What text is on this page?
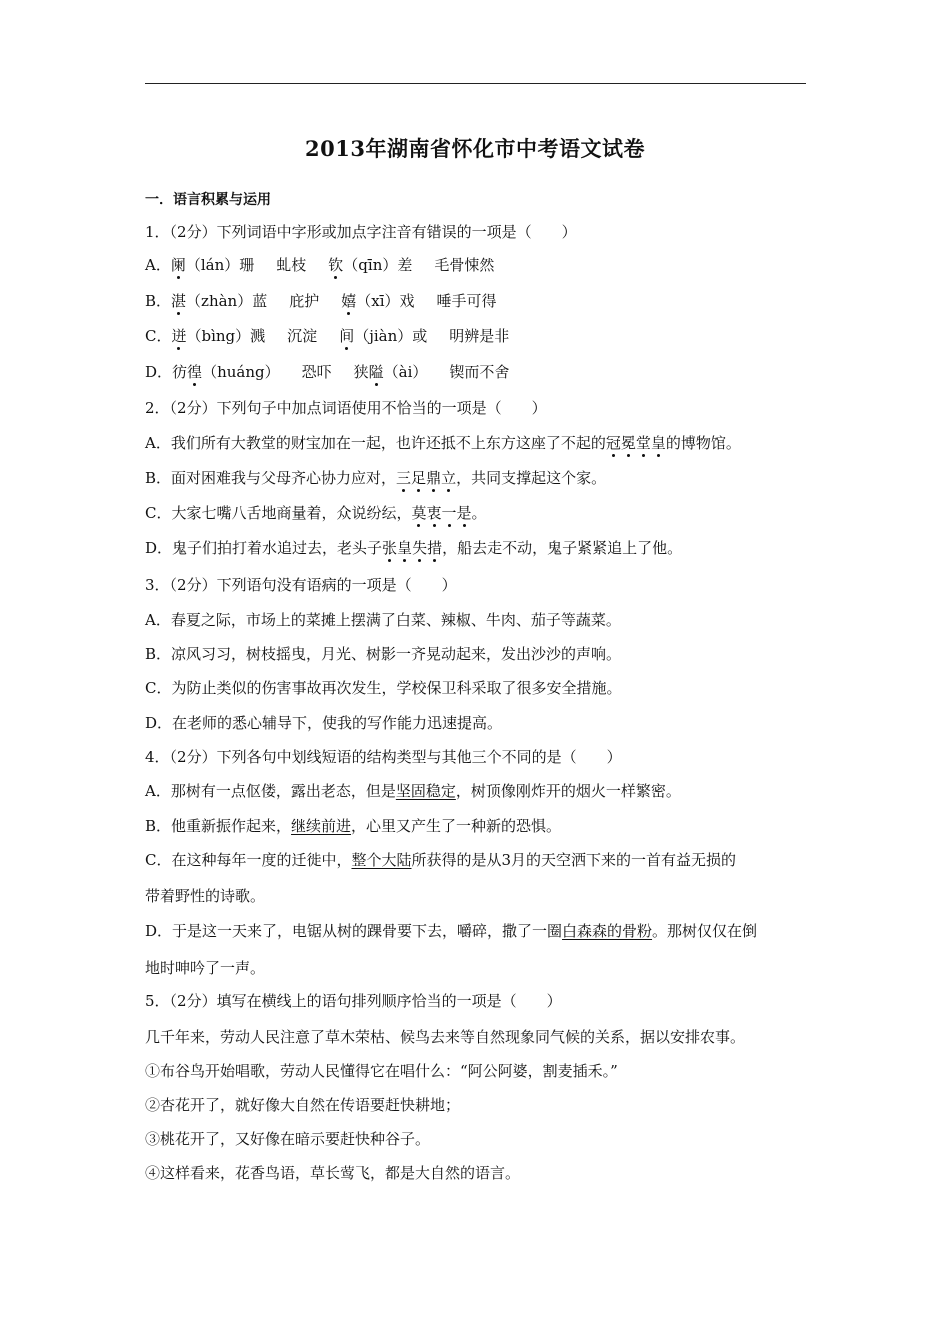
2013年湖南省怀化市中考语文试卷
一．语言积累与运用
1．（2分）下列词语中字形或加点字注音有错误的一项是（　　）
A．阑（lán）珊 虬枝 钦（qīn）差 毛骨悚然
B．湛（zhàn）蓝 庇护 嬉（xī）戏 唾手可得
C．迸（bìng）溅 沉淀 间（jiàn）或 明辨是非
D．彷徨（huáng） 恐吓 狭隘（ài） 锲而不舍
2．（2分）下列句子中加点词语使用不恰当的一项是（　　）
A．我们所有大教堂的财宝加在一起，也许还抵不上东方这座了不起的冠冕堂皇的博物馆。
B．面对困难我与父母齐心协力应对，三足鼎立，共同支撑起这个家。
C．大家七嘴八舌地商量着，众说纷纭，莫衷一是。
D．鬼子们拍打着水追过去，老头子张皇失措，船去走不动，鬼子紧紧追上了他。
3．（2分）下列语句没有语病的一项是（　　）
A．春夏之际，市场上的菜摊上摆满了白菜、辣椒、牛肉、茄子等蔬菜。
B．凉风习习，树枝摇曳，月光、树影一齐晃动起来，发出沙沙的声响。
C．为防止类似的伤害事故再次发生，学校保卫科采取了很多安全措施。
D．在老师的悉心辅导下，使我的写作能力迅速提高。
4．（2分）下列各句中划线短语的结构类型与其他三个不同的是（　　）
A．那树有一点伛偻，露出老态，但是坚固稳定，树顶像刚炸开的烟火一样繁密。
B．他重新振作起来，继续前进，心里又产生了一种新的恐惧。
C．在这种每年一度的迁徙中，整个大陆所获得的是从3月的天空洒下来的一首有益无损的
带着野性的诗歌。
D．于是这一天来了，电锯从树的踝骨要下去，嚼碎，撒了一圈白森森的骨粉。那树仅仅在倒
地时呻吟了一声。
5．（2分）填写在横线上的语句排列顺序恰当的一项是（　　）
几千年来，劳动人民注意了草木荣枯、候鸟去来等自然现象同气候的关系，据以安排农事。
①布谷鸟开始唱歌，劳动人民懂得它在唱什么：“阿公阿婆，割麦插禾。”
②杏花开了，就好像大自然在传语要赶快耕地；
③桃花开了，又好像在暗示要赶快种谷子。
④这样看来，花香鸟语，草长莺飞，都是大自然的语言。
